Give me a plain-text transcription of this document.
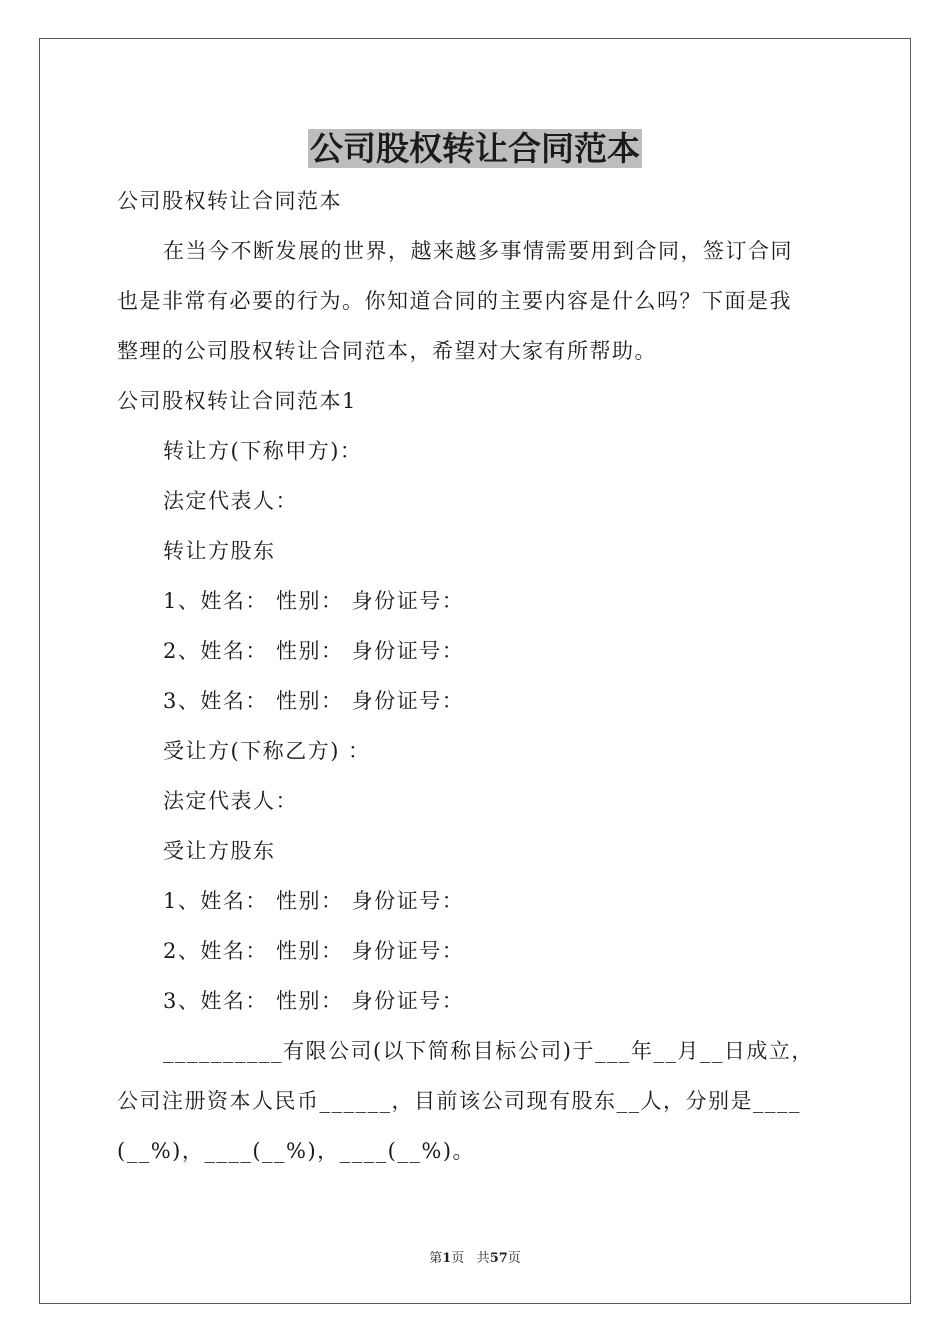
公司股权转让合同范本
公司股权转让合同范本
在当今不断发展的世界，越来越多事情需要用到合同，签订合同
也是非常有必要的行为。你知道合同的主要内容是什么吗？下面是我
整理的公司股权转让合同范本，希望对大家有所帮助。
公司股权转让合同范本1
转让方(下称甲方)：
法定代表人：
转让方股东
1、姓名： 性别： 身份证号：
2、姓名： 性别： 身份证号：
3、姓名： 性别： 身份证号：
受让方(下称乙方) ：
法定代表人：
受让方股东
1、姓名： 性别： 身份证号：
2、姓名： 性别： 身份证号：
3、姓名： 性别： 身份证号：
__________有限公司(以下简称目标公司)于___年__月__日成立，
公司注册资本人民币______，目前该公司现有股东__人，分别是____
(__%)，____(__%)，____(__%)。
第1页 共57页
